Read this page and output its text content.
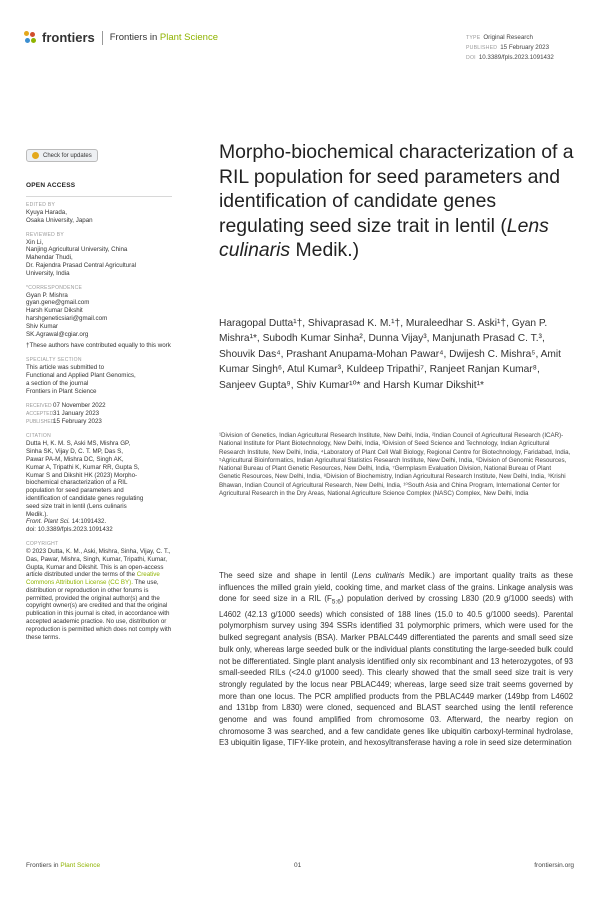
frontiers Frontiers in Plant Science	TYPE Original Research
PUBLISHED 15 February 2023
DOI 10.3389/fpls.2023.1091432
Check for updates
OPEN ACCESS
EDITED BY
Kyuya Harada,
Osaka University, Japan
REVIEWED BY
Xin Li,
Nanjing Agricultural University, China
Mahendar Thudi,
Dr. Rajendra Prasad Central Agricultural
University, India
*CORRESPONDENCE
Gyan P. Mishra
gyan.gene@gmail.com
Harsh Kumar Dikshit
harshgeneticsiari@gmail.com
Shiv Kumar
SK.Agrawal@cgiar.org
†These authors have contributed equally to this work
SPECIALTY SECTION
This article was submitted to
Functional and Applied Plant Genomics,
a section of the journal
Frontiers in Plant Science
RECEIVED07 November 2022
ACCEPTED31 January 2023
PUBLISHED15 February 2023
CITATION
Dutta H, K. M. S, Aski MS, Mishra GP,
Sinha SK, Vijay D, C. T. MP, Das S,
Pawar PA-M, Mishra DC, Singh AK,
Kumar A, Tripathi K, Kumar RR, Gupta S,
Kumar S and Dikshit HK (2023) Morpho-
biochemical characterization of a RIL
population for seed parameters and
identification of candidate genes regulating
seed size trait in lentil (Lens culinaris
Medik.).
Front. Plant Sci. 14:1091432.
doi: 10.3389/fpls.2023.1091432
COPYRIGHT
© 2023 Dutta, K. M., Aski, Mishra, Sinha, Vijay, C. T., Das, Pawar, Mishra, Singh, Kumar, Tripathi, Kumar, Gupta, Kumar and Dikshit. This is an open-access article distributed under the terms of the Creative Commons Attribution License (CC BY). The use, distribution or reproduction in other forums is permitted, provided the original author(s) and the copyright owner(s) are credited and that the original publication in this journal is cited, in accordance with accepted academic practice. No use, distribution or reproduction is permitted which does not comply with these terms.
Morpho-biochemical characterization of a RIL population for seed parameters and identification of candidate genes regulating seed size trait in lentil (Lens culinaris Medik.)
Haragopal Dutta¹†, Shivaprasad K. M.¹†, Muraleedhar S. Aski¹†, Gyan P. Mishra¹*, Subodh Kumar Sinha², Dunna Vijay³, Manjunath Prasad C. T.³, Shouvik Das⁴, Prashant Anupama-Mohan Pawar⁴, Dwijesh C. Mishra⁵, Amit Kumar Singh⁶, Atul Kumar³, Kuldeep Tripathi⁷, Ranjeet Ranjan Kumar⁸, Sanjeev Gupta⁹, Shiv Kumar¹⁰* and Harsh Kumar Dikshit¹*
¹Division of Genetics, Indian Agricultural Research Institute, New Delhi, India, ²Indian Council of Agricultural Research (ICAR)-National Institute for Plant Biotechnology, New Delhi, India, ³Division of Seed Science and Technology, Indian Agricultural Research Institute, New Delhi, India, ⁴Laboratory of Plant Cell Wall Biology, Regional Centre for Biotechnology, Faridabad, India, ⁵Agricultural Bioinformatics, Indian Agricultural Statistics Research Institute, New Delhi, India, ⁶Division of Genomic Resources, National Bureau of Plant Genetic Resources, New Delhi, India, ⁷Germplasm Evaluation Division, National Bureau of Plant Genetic Resources, New Delhi, India, ⁸Division of Biochemistry, Indian Agricultural Research Institute, New Delhi, India, ⁹Krishi Bhawan, Indian Council of Agricultural Research, New Delhi, India, ¹⁰South Asia and China Program, International Center for Agricultural Research in the Dry Areas, National Agriculture Science Complex (NASC) Complex, New Delhi, India
The seed size and shape in lentil (Lens culinaris Medik.) are important quality traits as these influences the milled grain yield, cooking time, and market class of the grains. Linkage analysis was done for seed size in a RIL $(F_{5:6})$ population derived by crossing L830 (20.9 g/1000 seeds) with L4602 (42.13 g/1000 seeds) which consisted of 188 lines (15.0 to 40.5 g/1000 seeds). Parental polymorphism survey using 394 SSRs identified 31 polymorphic primers, which were used for the bulked segregant analysis (BSA). Marker PBALC449 differentiated the parents and small seed size bulk only, whereas large seeded bulk or the individual plants constituting the large-seeded bulk could not be differentiated. Single plant analysis identified only six recombinant and 13 heterozygotes, of 93 small-seeded RILs (<24.0 g/1000 seed). This clearly showed that the small seed size trait is very strongly regulated by the locus near PBLAC449; whereas, large seed size trait seems governed by more than one locus. The PCR amplified products from the PBLAC449 marker (149bp from L4602 and 131bp from L830) were cloned, sequenced and BLAST searched using the lentil reference genome and was found amplified from chromosome 03. Afterward, the nearby region on chromosome 3 was searched, and a few candidate genes like ubiquitin carboxyl-terminal hydrolase, E3 ubiquitin ligase, TIFY-like protein, and hexosyltransferase having a role in seed size determination
Frontiers in Plant Science	01	frontiersin.org
